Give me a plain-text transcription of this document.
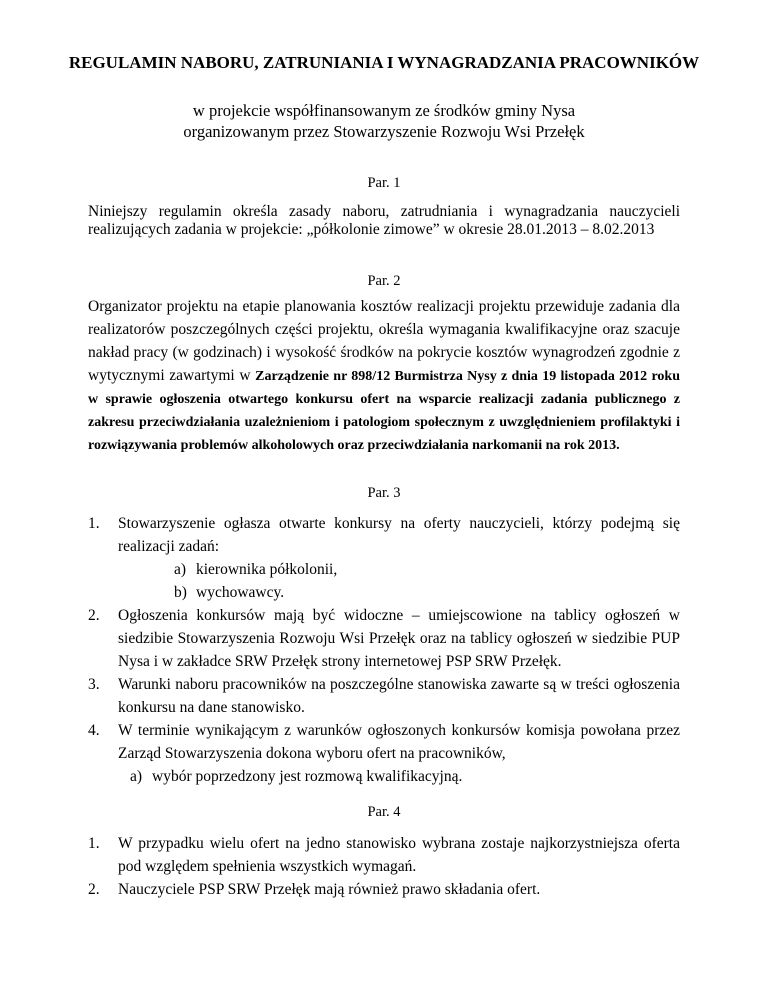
REGULAMIN NABORU, ZATRUNIANIA I WYNAGRADZANIA PRACOWNIKÓW
w projekcie współfinansowanym ze środków gminy Nysa
organizowanym przez Stowarzyszenie Rozwoju Wsi Przełęk
Par. 1
Niniejszy regulamin określa zasady naboru, zatrudniania i wynagradzania nauczycieli realizujących zadania w projekcie: „półkolonie zimowe” w okresie 28.01.2013 – 8.02.2013
Par. 2
Organizator projektu na etapie planowania kosztów realizacji projektu przewiduje zadania dla realizatorów poszczególnych części projektu, określa wymagania kwalifikacyjne oraz szacuje nakład pracy (w godzinach) i wysokość środków na pokrycie kosztów wynagrodzeń zgodnie z wytycznymi zawartymi w Zarządzenie nr 898/12 Burmistrza Nysy z dnia 19 listopada 2012 roku w sprawie ogłoszenia otwartego konkursu ofert na wsparcie realizacji zadania publicznego z zakresu przeciwdziałania uzależnieniom i patologiom społecznym z uwzględnieniem profilaktyki i rozwiązywania problemów alkoholowych oraz przeciwdziałania narkomanii na rok 2013.
Par. 3
1. Stowarzyszenie ogłasza otwarte konkursy na oferty nauczycieli, którzy podejmą się realizacji zadań:
a) kierownika półkolonii,
b) wychowawcy.
2. Ogłoszenia konkursów mają być widoczne – umiejscowione na tablicy ogłoszeń w siedzibie Stowarzyszenia Rozwoju Wsi Przełęk oraz na tablicy ogłoszeń w siedzibie PUP Nysa i w zakładce SRW Przełęk strony internetowej PSP SRW Przełęk.
3. Warunki naboru pracowników na poszczególne stanowiska zawarte są w treści ogłoszenia konkursu na dane stanowisko.
4. W terminie wynikającym z warunków ogłoszonych konkursów komisja powołana przez Zarząd Stowarzyszenia dokona wyboru ofert na pracowników,
a) wybór poprzedzony jest rozmową kwalifikacyjną.
Par. 4
1. W przypadku wielu ofert na jedno stanowisko wybrana zostaje najkorzystniejsza oferta pod względem spełnienia wszystkich wymagań.
2. Nauczyciele PSP SRW Przełęk mają również prawo składania ofert.
